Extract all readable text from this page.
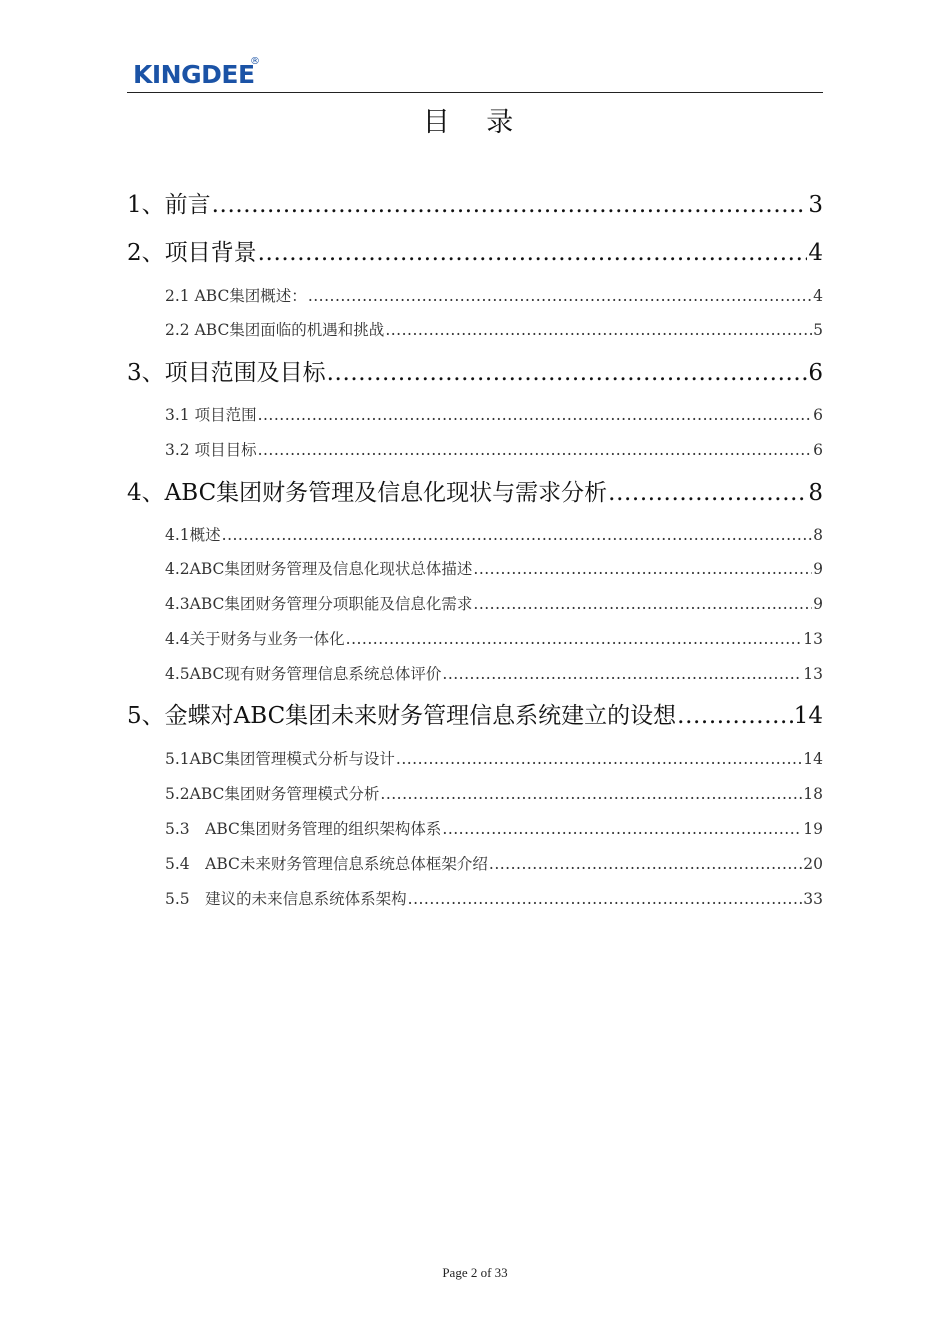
KINGDEE
®
目 录
1、前言 .....	3
2、项目背景 .....	4
2.1 ABC集团概述： .....	4
2.2 ABC集团面临的机遇和挑战 .....	5
3、项目范围及目标 .....	6
3.1 项目范围 .....	6
3.2 项目目标 .....	6
4、ABC集团财务管理及信息化现状与需求分析 .....	8
4.1概述 .....	8
4.2ABC集团财务管理及信息化现状总体描述 .....	9
4.3ABC集团财务管理分项职能及信息化需求 .....	9
4.4关于财务与业务一体化 .....	13
4.5ABC现有财务管理信息系统总体评价 .....	13
5、金蝶对ABC集团未来财务管理信息系统建立的设想 .....	14
5.1ABC集团管理模式分析与设计 .....	14
5.2ABC集团财务管理模式分析 .....	18
5.3　ABC集团财务管理的组织架构体系 .....	19
5.4　ABC未来财务管理信息系统总体框架介绍 .....	20
5.5　建议的未来信息系统体系架构 .....	33
Page 2 of 33
